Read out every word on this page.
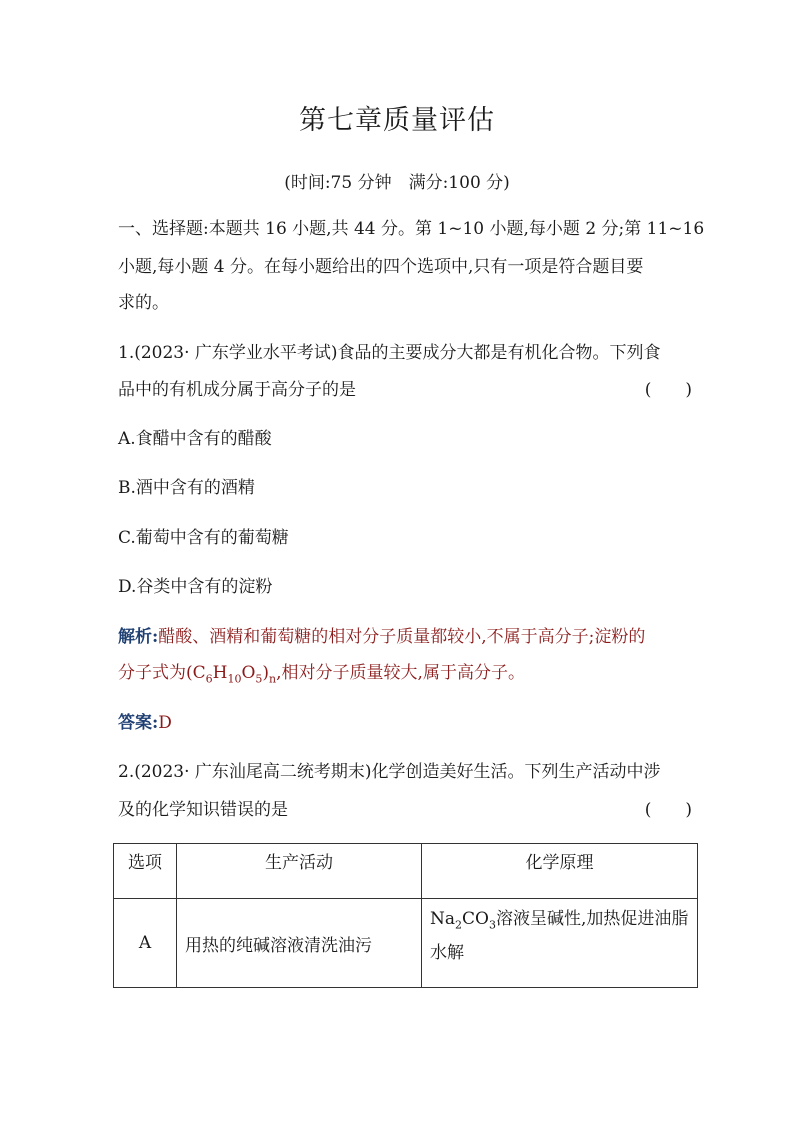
第七章质量评估
(时间:75 分钟　满分:100 分)
一、选择题:本题共 16 小题,共 44 分。第 1~10 小题,每小题 2 分;第 11~16
小题,每小题 4 分。在每小题给出的四个选项中,只有一项是符合题目要
求的。
1.(2023· 广东学业水平考试)食品的主要成分大都是有机化合物。下列食
品中的有机成分属于高分子的是	(　　)
A.食醋中含有的醋酸
B.酒中含有的酒精
C.葡萄中含有的葡萄糖
D.谷类中含有的淀粉
解析:醋酸、酒精和葡萄糖的相对分子质量都较小,不属于高分子;淀粉的
分子式为$(C_6H_{10}O_5)_n$,相对分子质量较大,属于高分子。
答案:D
2.(2023· 广东汕尾高二统考期末)化学创造美好生活。下列生产活动中涉
及的化学知识错误的是	(　　)
选项	生产活动	化学原理
A	用热的纯碱溶液清洗油污	$Na_2CO_3$溶液呈碱性,加热促进油脂
水解
